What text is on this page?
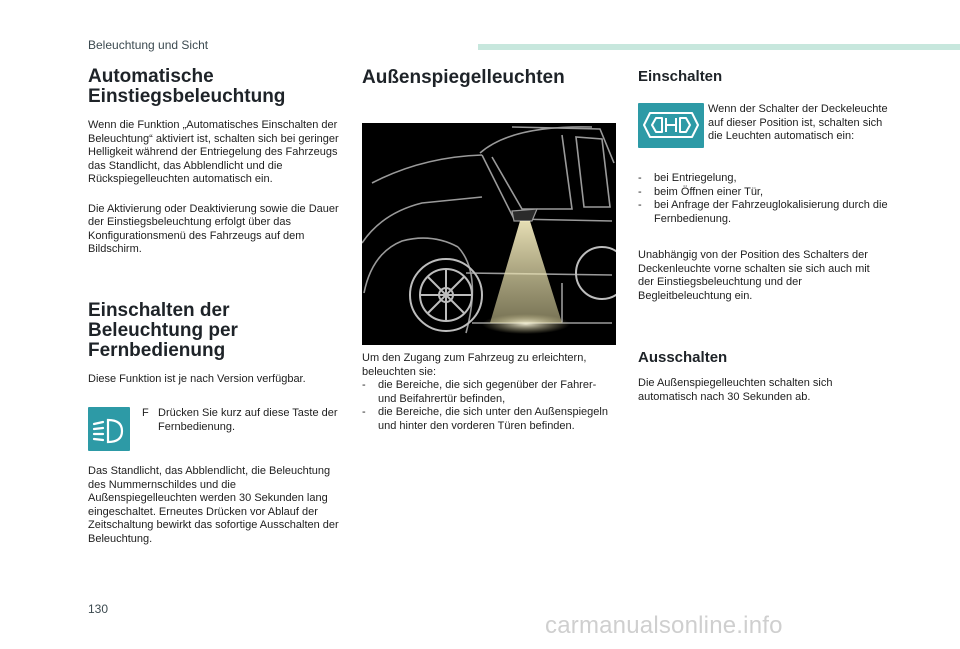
Beleuchtung und Sicht
Automatische Einstiegsbeleuchtung

Wenn die Funktion „Automatisches Einschalten der Beleuchtung“ aktiviert ist, schalten sich bei geringer Helligkeit während der Entriegelung des Fahrzeugs das Standlicht, das Abblendlicht und die Rückspiegelleuchten automatisch ein.

Die Aktivierung oder Deaktivierung sowie die Dauer der Einstiegsbeleuchtung erfolgt über das Konfigurationsmenü des Fahrzeugs auf dem Bildschirm.

Einschalten der Beleuchtung per Fernbedienung

Diese Funktion ist je nach Version verfügbar.

F Drücken Sie kurz auf diese Taste der Fernbedienung.

Das Standlicht, das Abblendlicht, die Beleuchtung des Nummernschildes und die Außenspiegelleuchten werden 30 Sekunden lang eingeschaltet. Erneutes Drücken vor Ablauf der Zeitschaltung bewirkt das sofortige Ausschalten der Beleuchtung.

Außenspiegelleuchten

Um den Zugang zum Fahrzeug zu erleichtern, beleuchten sie:

- die Bereiche, die sich gegenüber der Fahrer- und Beifahrertür befinden,
- die Bereiche, die sich unter den Außenspiegeln und hinter den vorderen Türen befinden.
Einschalten

Wenn der Schalter der Deckeleuchte auf dieser Position ist, schalten sich die Leuchten automatisch ein:

- bei Entriegelung,
- beim Öffnen einer Tür,
- bei Anfrage der Fahrzeuglokalisierung durch die Fernbedienung.

Unabhängig von der Position des Schalters der Deckenleuchte vorne schalten sie sich auch mit der Einstiegsbeleuchtung und der Begleitbeleuchtung ein.

Ausschalten

Die Außenspiegelleuchten schalten sich automatisch nach 30 Sekunden ab.

130
carmanualsonline.info
